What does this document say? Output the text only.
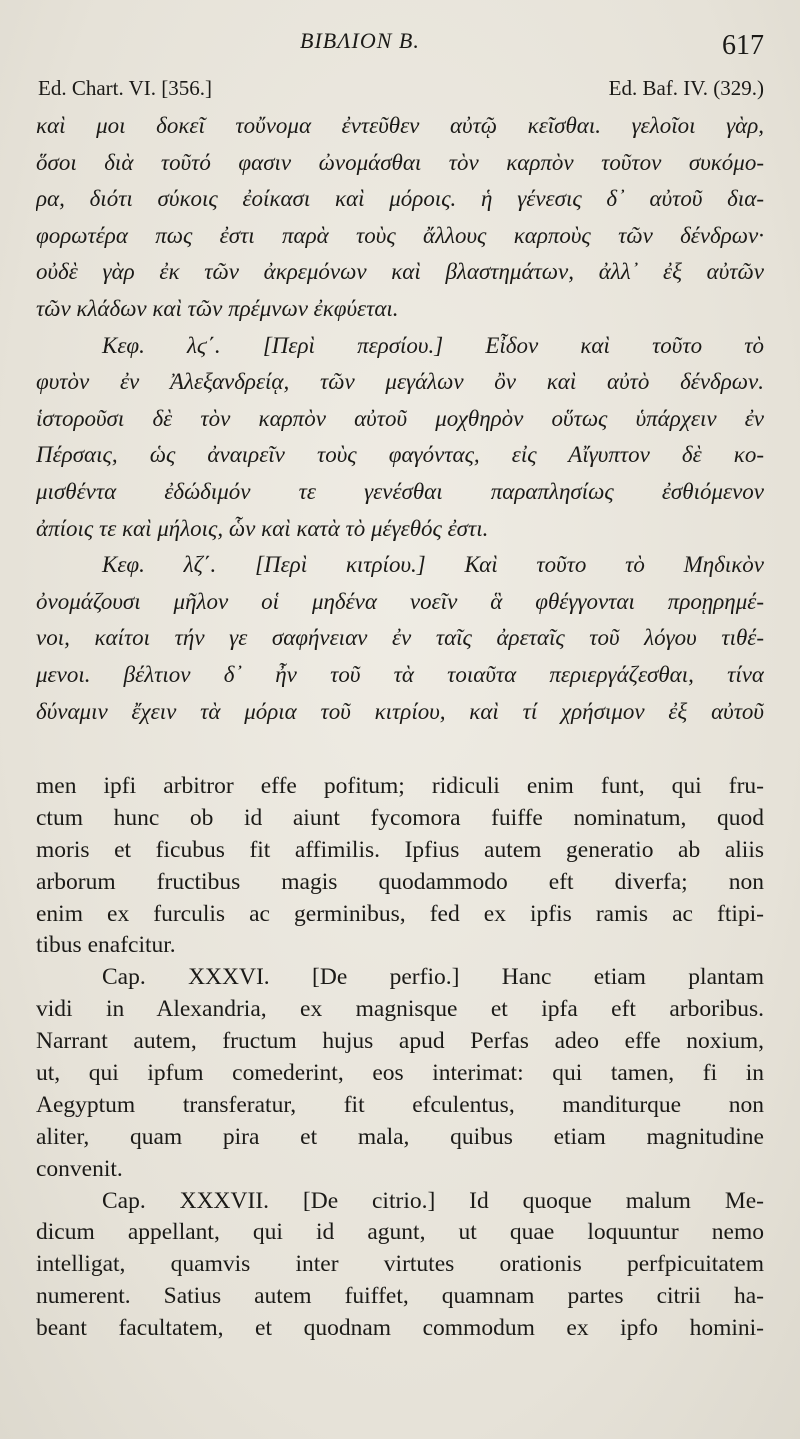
BIBΛΙΟΝ Β.	617
Ed. Chart. VI. [356.]	Ed. Baf. IV. (329.)
καὶ μοι δοκεῖ τοὔνομα ἐντεῦθεν αὐτῷ κεῖσθαι. γελοῖοι γὰρ,
ὅσοι διὰ τοῦτό φασιν ὠνομάσθαι τὸν καρπὸν τοῦτον συκόμο-
ρα, διότι σύκοις ἐοίκασι καὶ μόροις. ἡ γένεσις δ᾽ αὐτοῦ δια-
φορωτέρα πως ἐστι παρὰ τοὺς ἄλλους καρποὺς τῶν δένδρων·
οὐδὲ γὰρ ἐκ τῶν ἀκρεμόνων καὶ βλαστημάτων, ἀλλ᾽ ἐξ αὐτῶν
τῶν κλάδων καὶ τῶν πρέμνων ἐκφύεται.
Κεφ. λϛ΄. [Περὶ περσίου.] Εἶδον καὶ τοῦτο τὸ
φυτὸν ἐν Ἀλεξανδρείᾳ, τῶν μεγάλων ὂν καὶ αὐτὸ δένδρων.
ἱστοροῦσι δὲ τὸν καρπὸν αὐτοῦ μοχθηρὸν οὕτως ὑπάρχειν ἐν
Πέρσαις, ὡς ἀναιρεῖν τοὺς φαγόντας, εἰς Αἴγυπτον δὲ κο-
μισθέντα ἐδώδιμόν τε γενέσθαι παραπλησίως ἐσθιόμενον
ἀπίοις τε καὶ μήλοις, ὧν καὶ κατὰ τὸ μέγεθός ἐστι.
Κεφ. λζ΄. [Περὶ κιτρίου.] Καὶ τοῦτο τὸ Μηδικὸν
ὀνομάζουσι μῆλον οἱ μηδένα νοεῖν ἃ φθέγγονται προῃρημέ-
νοι, καίτοι τήν γε σαφήνειαν ἐν ταῖς ἀρεταῖς τοῦ λόγου τιθέ-
μενοι. βέλτιον δ᾽ ἦν τοῦ τὰ τοιαῦτα περιεργάζεσθαι, τίνα
δύναμιν ἔχειν τὰ μόρια τοῦ κιτρίου, καὶ τί χρήσιμον ἐξ αὐτοῦ
men ipfi arbitror effe pofitum; ridiculi enim funt, qui fru-
ctum hunc ob id aiunt fycomora fuiffe nominatum, quod
moris et ficubus fit affimilis. Ipfius autem generatio ab aliis
arborum fructibus magis quodammodo eft diverfa; non
enim ex furculis ac germinibus, fed ex ipfis ramis ac ftipi-
tibus enafcitur.
Cap. XXXVI. [De perfio.] Hanc etiam plantam
vidi in Alexandria, ex magnisque et ipfa eft arboribus.
Narrant autem, fructum hujus apud Perfas adeo effe noxium,
ut, qui ipfum comederint, eos interimat: qui tamen, fi in
Aegyptum transferatur, fit efculentus, manditurque non
aliter, quam pira et mala, quibus etiam magnitudine
convenit.
Cap. XXXVII. [De citrio.] Id quoque malum Me-
dicum appellant, qui id agunt, ut quae loquuntur nemo
intelligat, quamvis inter virtutes orationis perfpicuitatem
numerent. Satius autem fuiffet, quamnam partes citrii ha-
beant facultatem, et quodnam commodum ex ipfo homini-
